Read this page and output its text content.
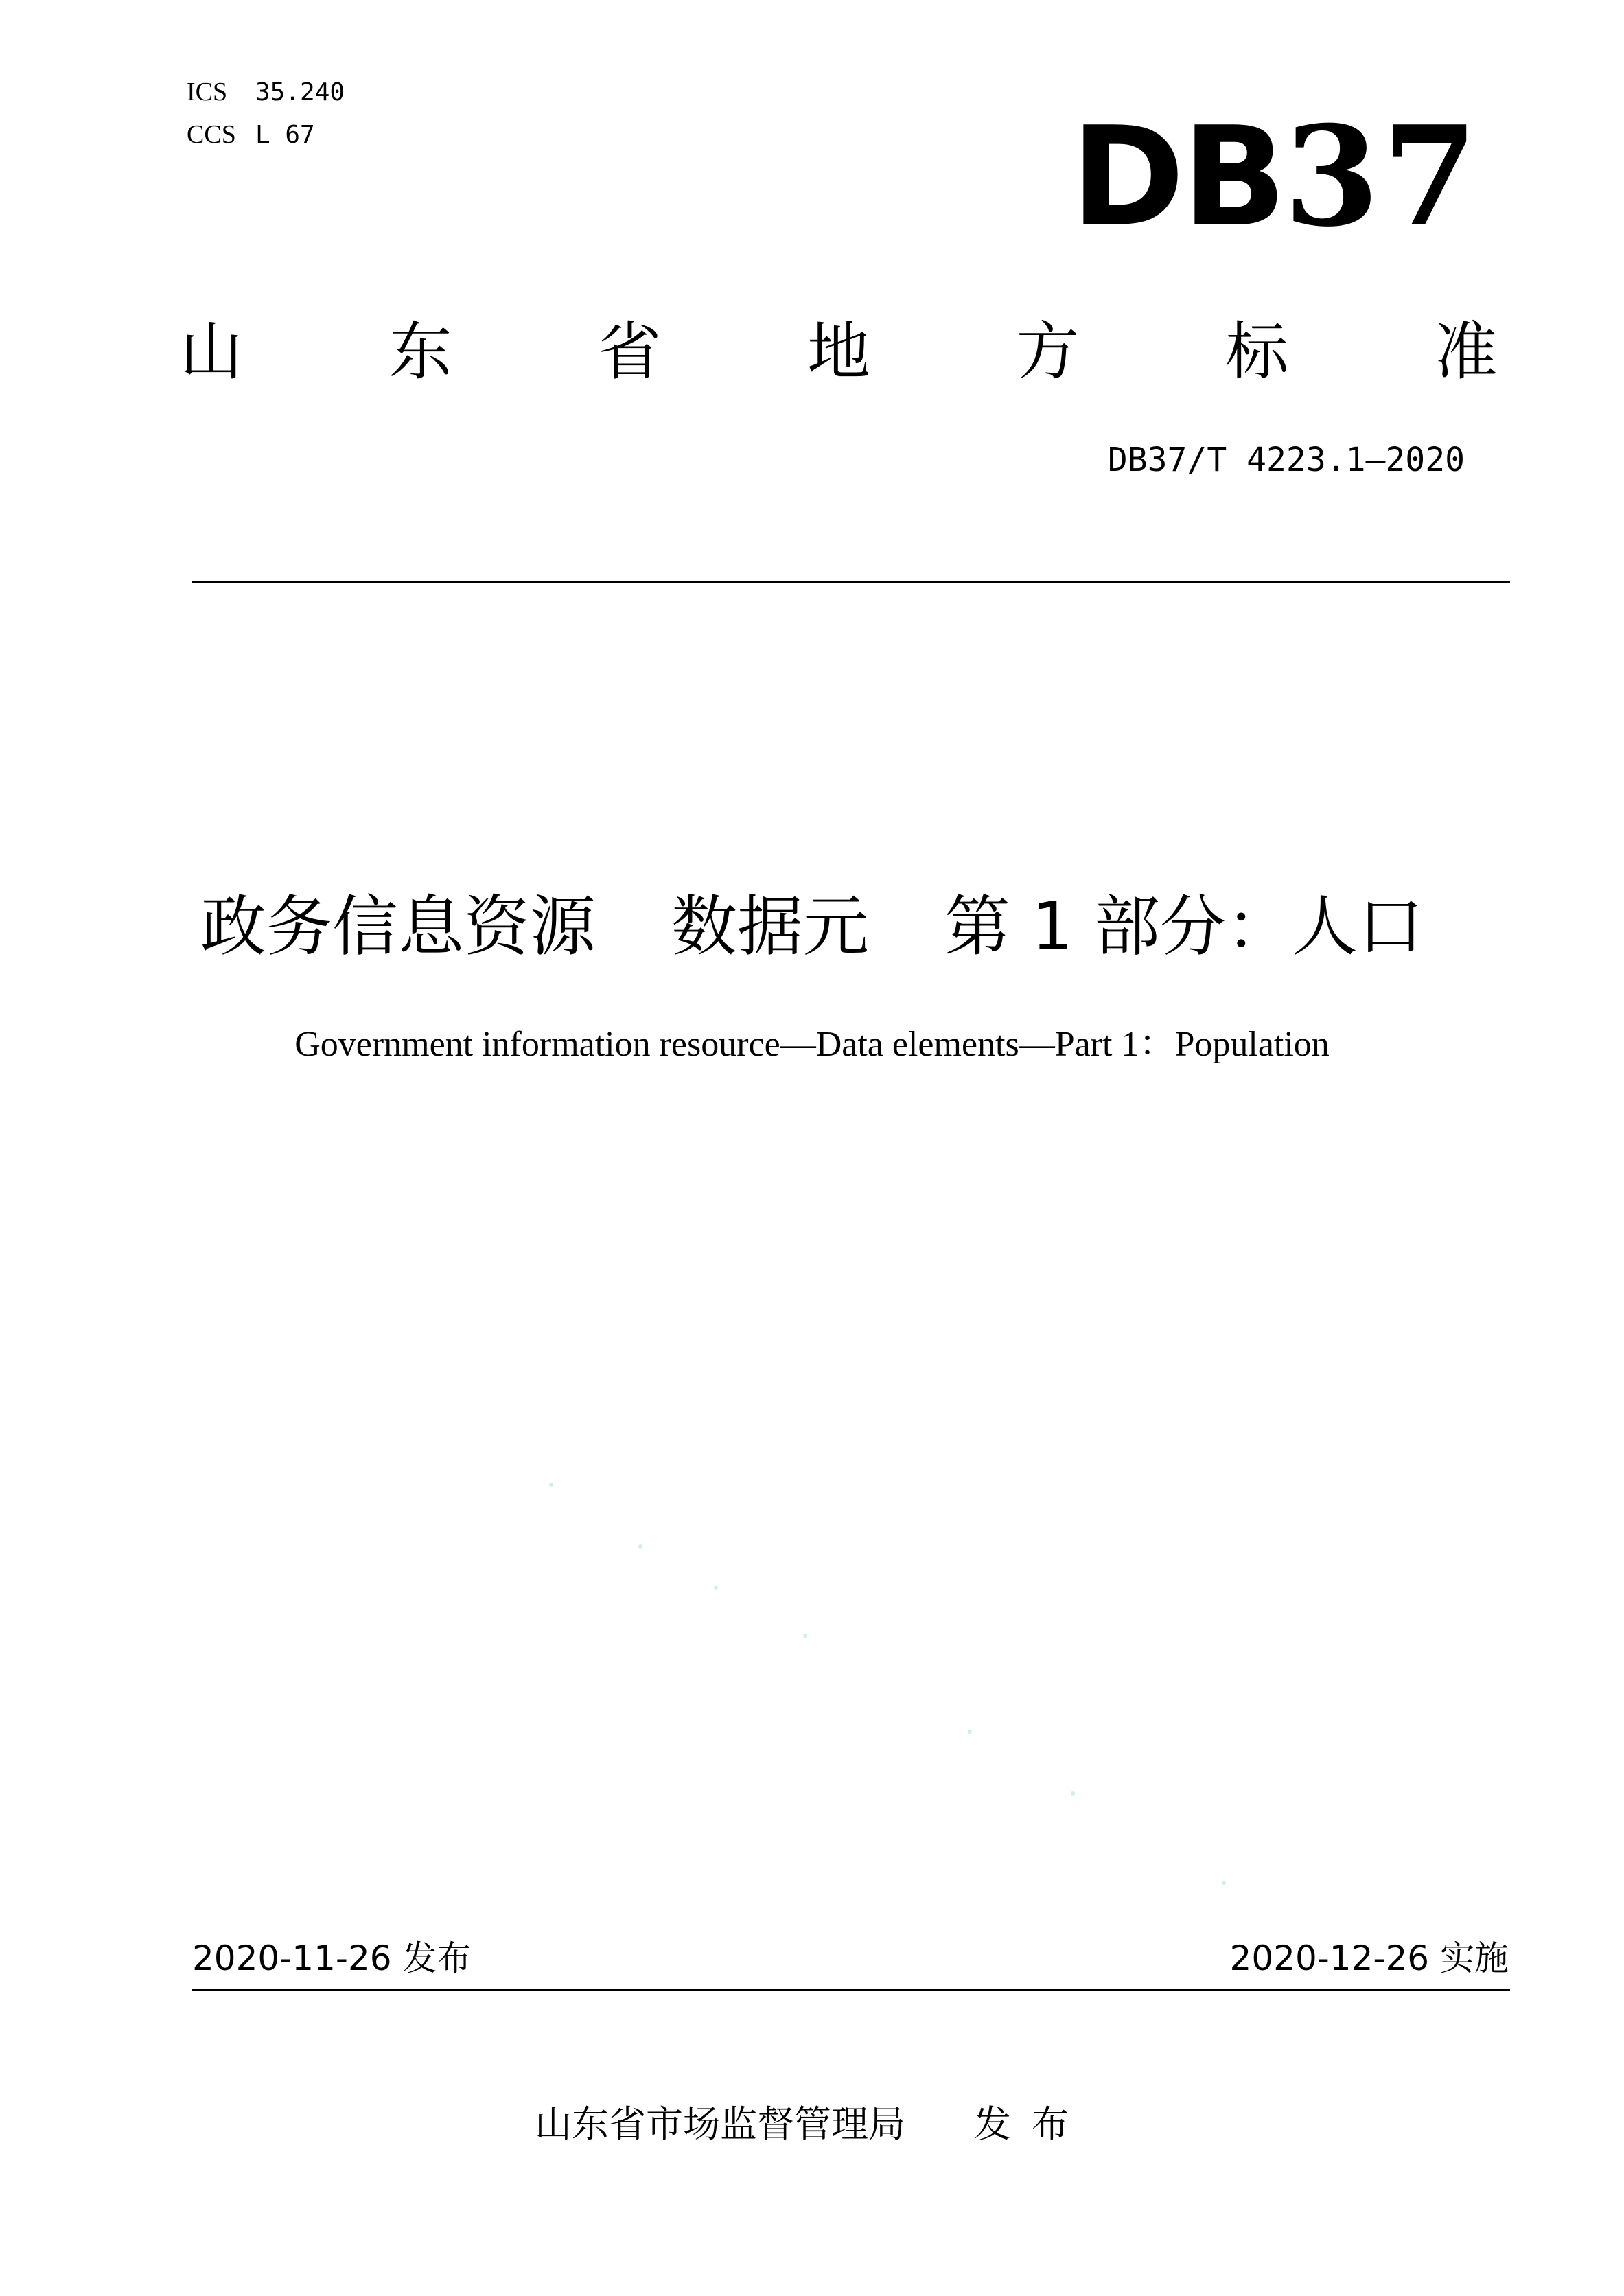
ICS 35.240
CCS L 67	DB37
山 东 省 地 方 标 准
DB37/T 4223.1—2020
政务信息资源 数据元 第 1 部分：人口
Government information resource—Data elements—Part 1：Population
2020-11-26 发布	2020-12-26 实施
山东省市场监督管理局 发布
